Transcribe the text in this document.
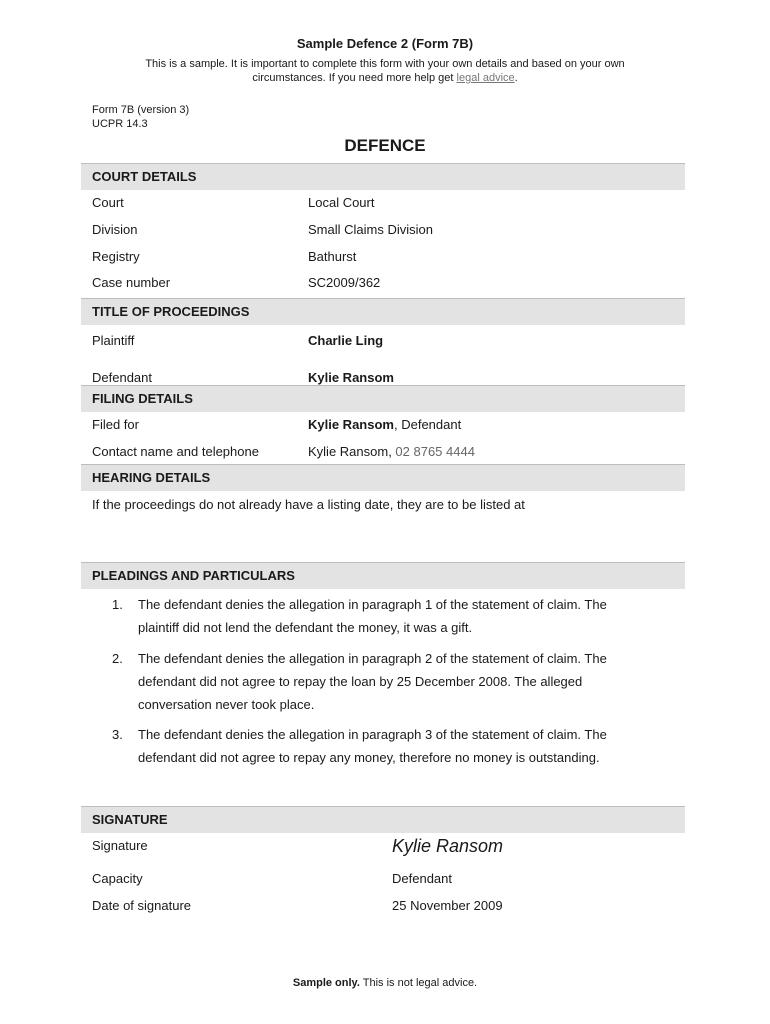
Sample Defence 2 (Form 7B)
This is a sample. It is important to complete this form with your own details and based on your own
circumstances. If you need more help get legal advice.
Form 7B (version 3)
UCPR 14.3
DEFENCE
COURT DETAILS
Court	Local Court
Division	Small Claims Division
Registry	Bathurst
Case number	SC2009/362
TITLE OF PROCEEDINGS
Plaintiff	Charlie Ling
Defendant	Kylie Ransom
FILING DETAILS
Filed for	Kylie Ransom, Defendant
Contact name and telephone	Kylie Ransom, 02 8765 4444
HEARING DETAILS
If the proceedings do not already have a listing date, they are to be listed at
PLEADINGS AND PARTICULARS
1. The defendant denies the allegation in paragraph 1 of the statement of claim. The
plaintiff did not lend the defendant the money, it was a gift.
2. The defendant denies the allegation in paragraph 2 of the statement of claim. The
defendant did not agree to repay the loan by 25 December 2008. The alleged
conversation never took place.
3. The defendant denies the allegation in paragraph 3 of the statement of claim. The
defendant did not agree to repay any money, therefore no money is outstanding.
SIGNATURE
Signature	Kylie Ransom
Capacity	Defendant
Date of signature	25 November 2009
Sample only. This is not legal advice.
